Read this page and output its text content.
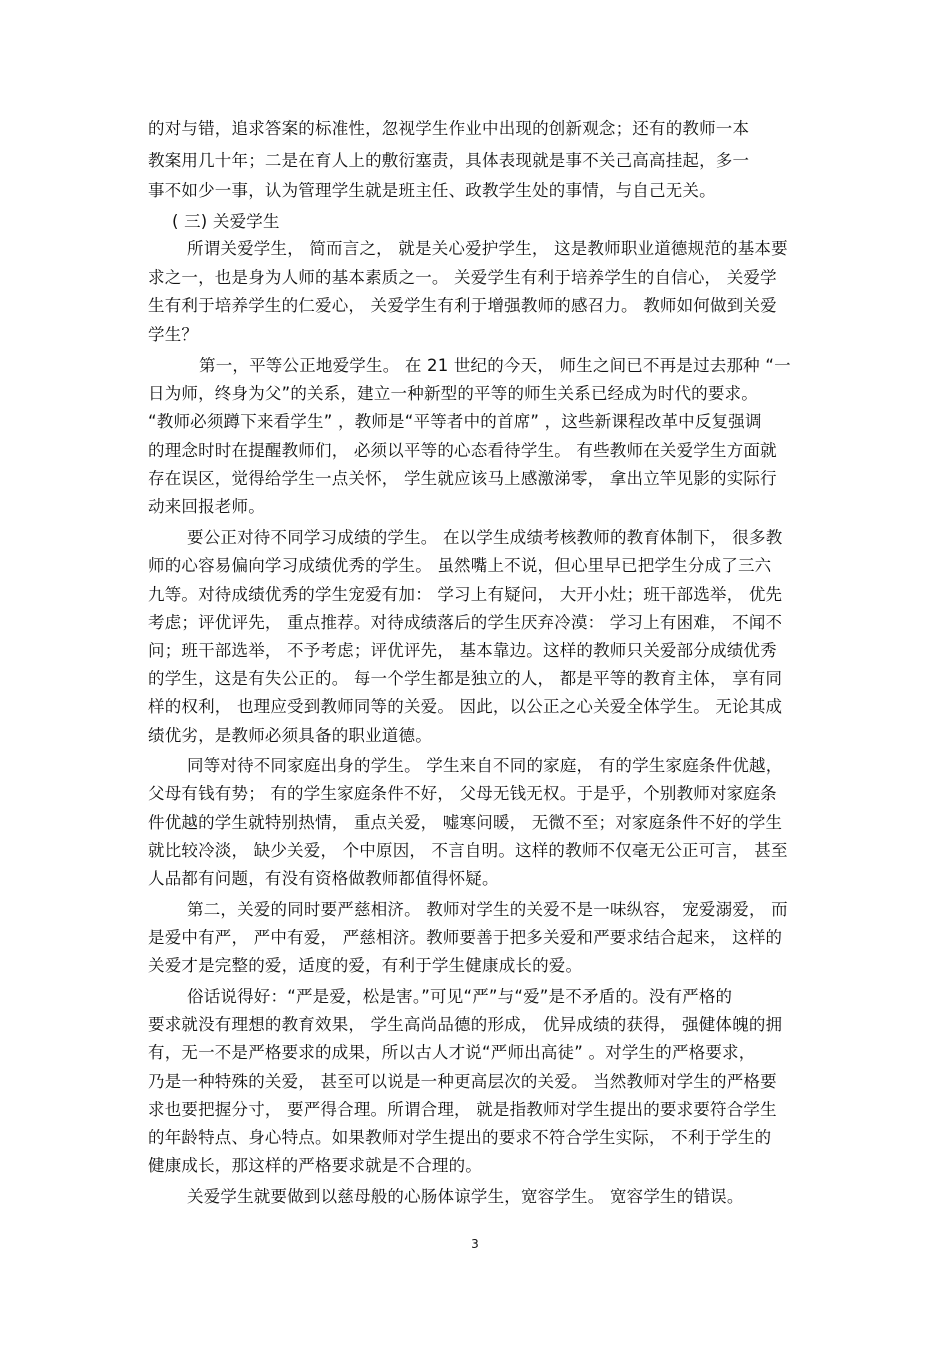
的对与错，追求答案的标准性，忽视学生作业中出现的创新观念；还有的教师一本
教案用几十年；二是在育人上的敷衍塞责，具体表现就是事不关己高高挂起，多一
事不如少一事，认为管理学生就是班主任、政教学生处的事情，与自己无关。
( 三) 关爱学生
所谓关爱学生， 简而言之， 就是关心爱护学生， 这是教师职业道德规范的基本要
求之一，也是身为人师的基本素质之一。 关爱学生有利于培养学生的自信心， 关爱学
生有利于培养学生的仁爱心， 关爱学生有利于增强教师的感召力。 教师如何做到关爱
学生？
第一，平等公正地爱学生。 在 21 世纪的今天， 师生之间已不再是过去那种 “一
日为师，终身为父”的关系，建立一种新型的平等的师生关系已经成为时代的要求。
“教师必须蹲下来看学生” ，教师是“平等者中的首席” ，这些新课程改革中反复强调
的理念时时在提醒教师们， 必须以平等的心态看待学生。 有些教师在关爱学生方面就
存在误区，觉得给学生一点关怀， 学生就应该马上感激涕零， 拿出立竿见影的实际行
动来回报老师。
要公正对待不同学习成绩的学生。 在以学生成绩考核教师的教育体制下， 很多教
师的心容易偏向学习成绩优秀的学生。 虽然嘴上不说，但心里早已把学生分成了三六
九等。对待成绩优秀的学生宠爱有加： 学习上有疑问， 大开小灶；班干部选举， 优先
考虑；评优评先， 重点推荐。对待成绩落后的学生厌弃冷漠： 学习上有困难， 不闻不
问；班干部选举， 不予考虑；评优评先， 基本靠边。这样的教师只关爱部分成绩优秀
的学生，这是有失公正的。 每一个学生都是独立的人， 都是平等的教育主体， 享有同
样的权利， 也理应受到教师同等的关爱。 因此，以公正之心关爱全体学生。 无论其成
绩优劣，是教师必须具备的职业道德。
同等对待不同家庭出身的学生。 学生来自不同的家庭， 有的学生家庭条件优越，
父母有钱有势； 有的学生家庭条件不好， 父母无钱无权。于是乎，个别教师对家庭条
件优越的学生就特别热情， 重点关爱， 嘘寒问暖， 无微不至；对家庭条件不好的学生
就比较冷淡， 缺少关爱， 个中原因， 不言自明。这样的教师不仅毫无公正可言， 甚至
人品都有问题，有没有资格做教师都值得怀疑。
第二，关爱的同时要严慈相济。 教师对学生的关爱不是一味纵容， 宠爱溺爱， 而
是爱中有严， 严中有爱， 严慈相济。教师要善于把多关爱和严要求结合起来， 这样的
关爱才是完整的爱，适度的爱，有利于学生健康成长的爱。
俗话说得好：“严是爱，松是害。”可见“严”与“爱”是不矛盾的。没有严格的
要求就没有理想的教育效果， 学生高尚品德的形成， 优异成绩的获得， 强健体魄的拥
有，无一不是严格要求的成果，所以古人才说“严师出高徒” 。对学生的严格要求，
乃是一种特殊的关爱， 甚至可以说是一种更高层次的关爱。 当然教师对学生的严格要
求也要把握分寸， 要严得合理。所谓合理， 就是指教师对学生提出的要求要符合学生
的年龄特点、身心特点。如果教师对学生提出的要求不符合学生实际， 不利于学生的
健康成长，那这样的严格要求就是不合理的。
关爱学生就要做到以慈母般的心肠体谅学生，宽容学生。 宽容学生的错误。
3
